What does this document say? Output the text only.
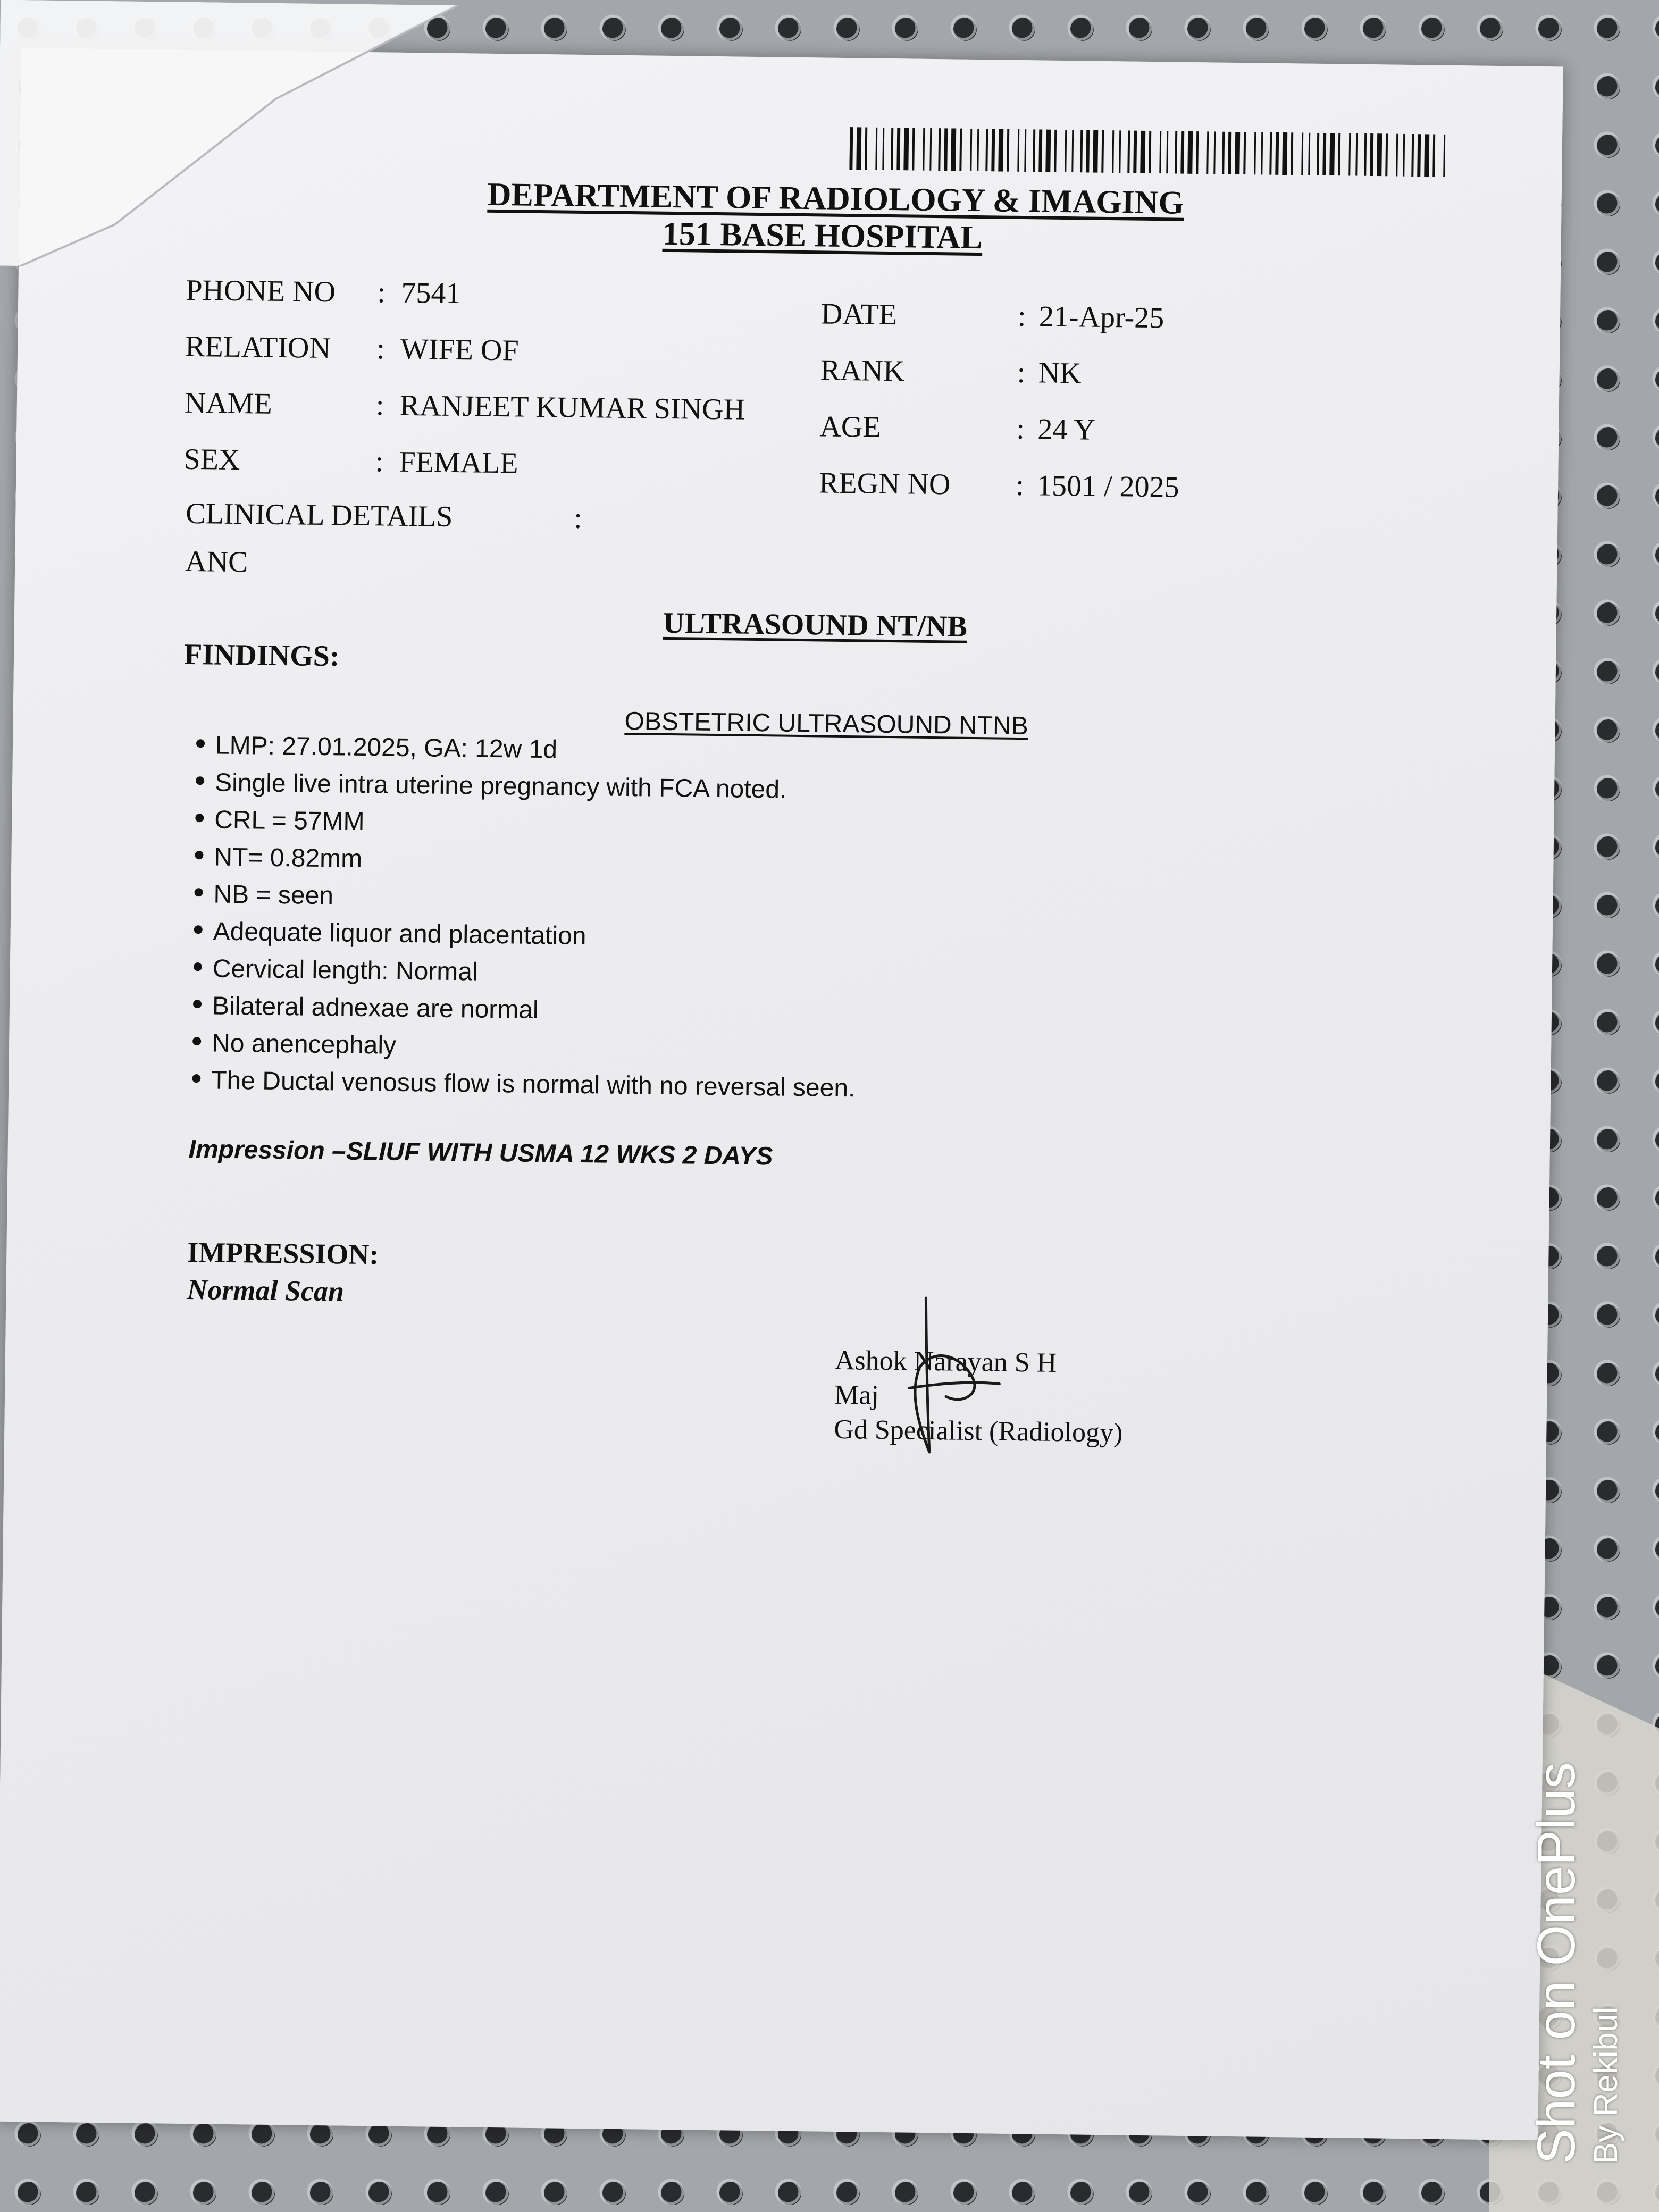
DEPARTMENT OF RADIOLOGY & IMAGING
151 BASE HOSPITAL
PHONE NO : 7541
RELATION : WIFE OF
NAME	: RANJEET KUMAR SINGH
SEX	: FEMALE
DATE	: 21-Apr-25
RANK	: NK
AGE	: 24 Y
REGN NO : 1501 / 2025
CLINICAL DETAILS	:
ANC
ULTRASOUND NT/NB
FINDINGS:
OBSTETRIC ULTRASOUND NTNB
LMP: 27.01.2025, GA: 12w 1d
Single live intra uterine pregnancy with FCA noted.
CRL = 57MM
NT= 0.82mm
NB = seen
Adequate liquor and placentation
Cervical length: Normal
Bilateral adnexae are normal
No anencephaly
The Ductal venosus flow is normal with no reversal seen.
Impression –SLIUF WITH USMA 12 WKS 2 DAYS
IMPRESSION:
Normal Scan
Ashok Narayan S H
Maj
Gd Specialist (Radiology)
Shot on OnePlus By Rekibul
